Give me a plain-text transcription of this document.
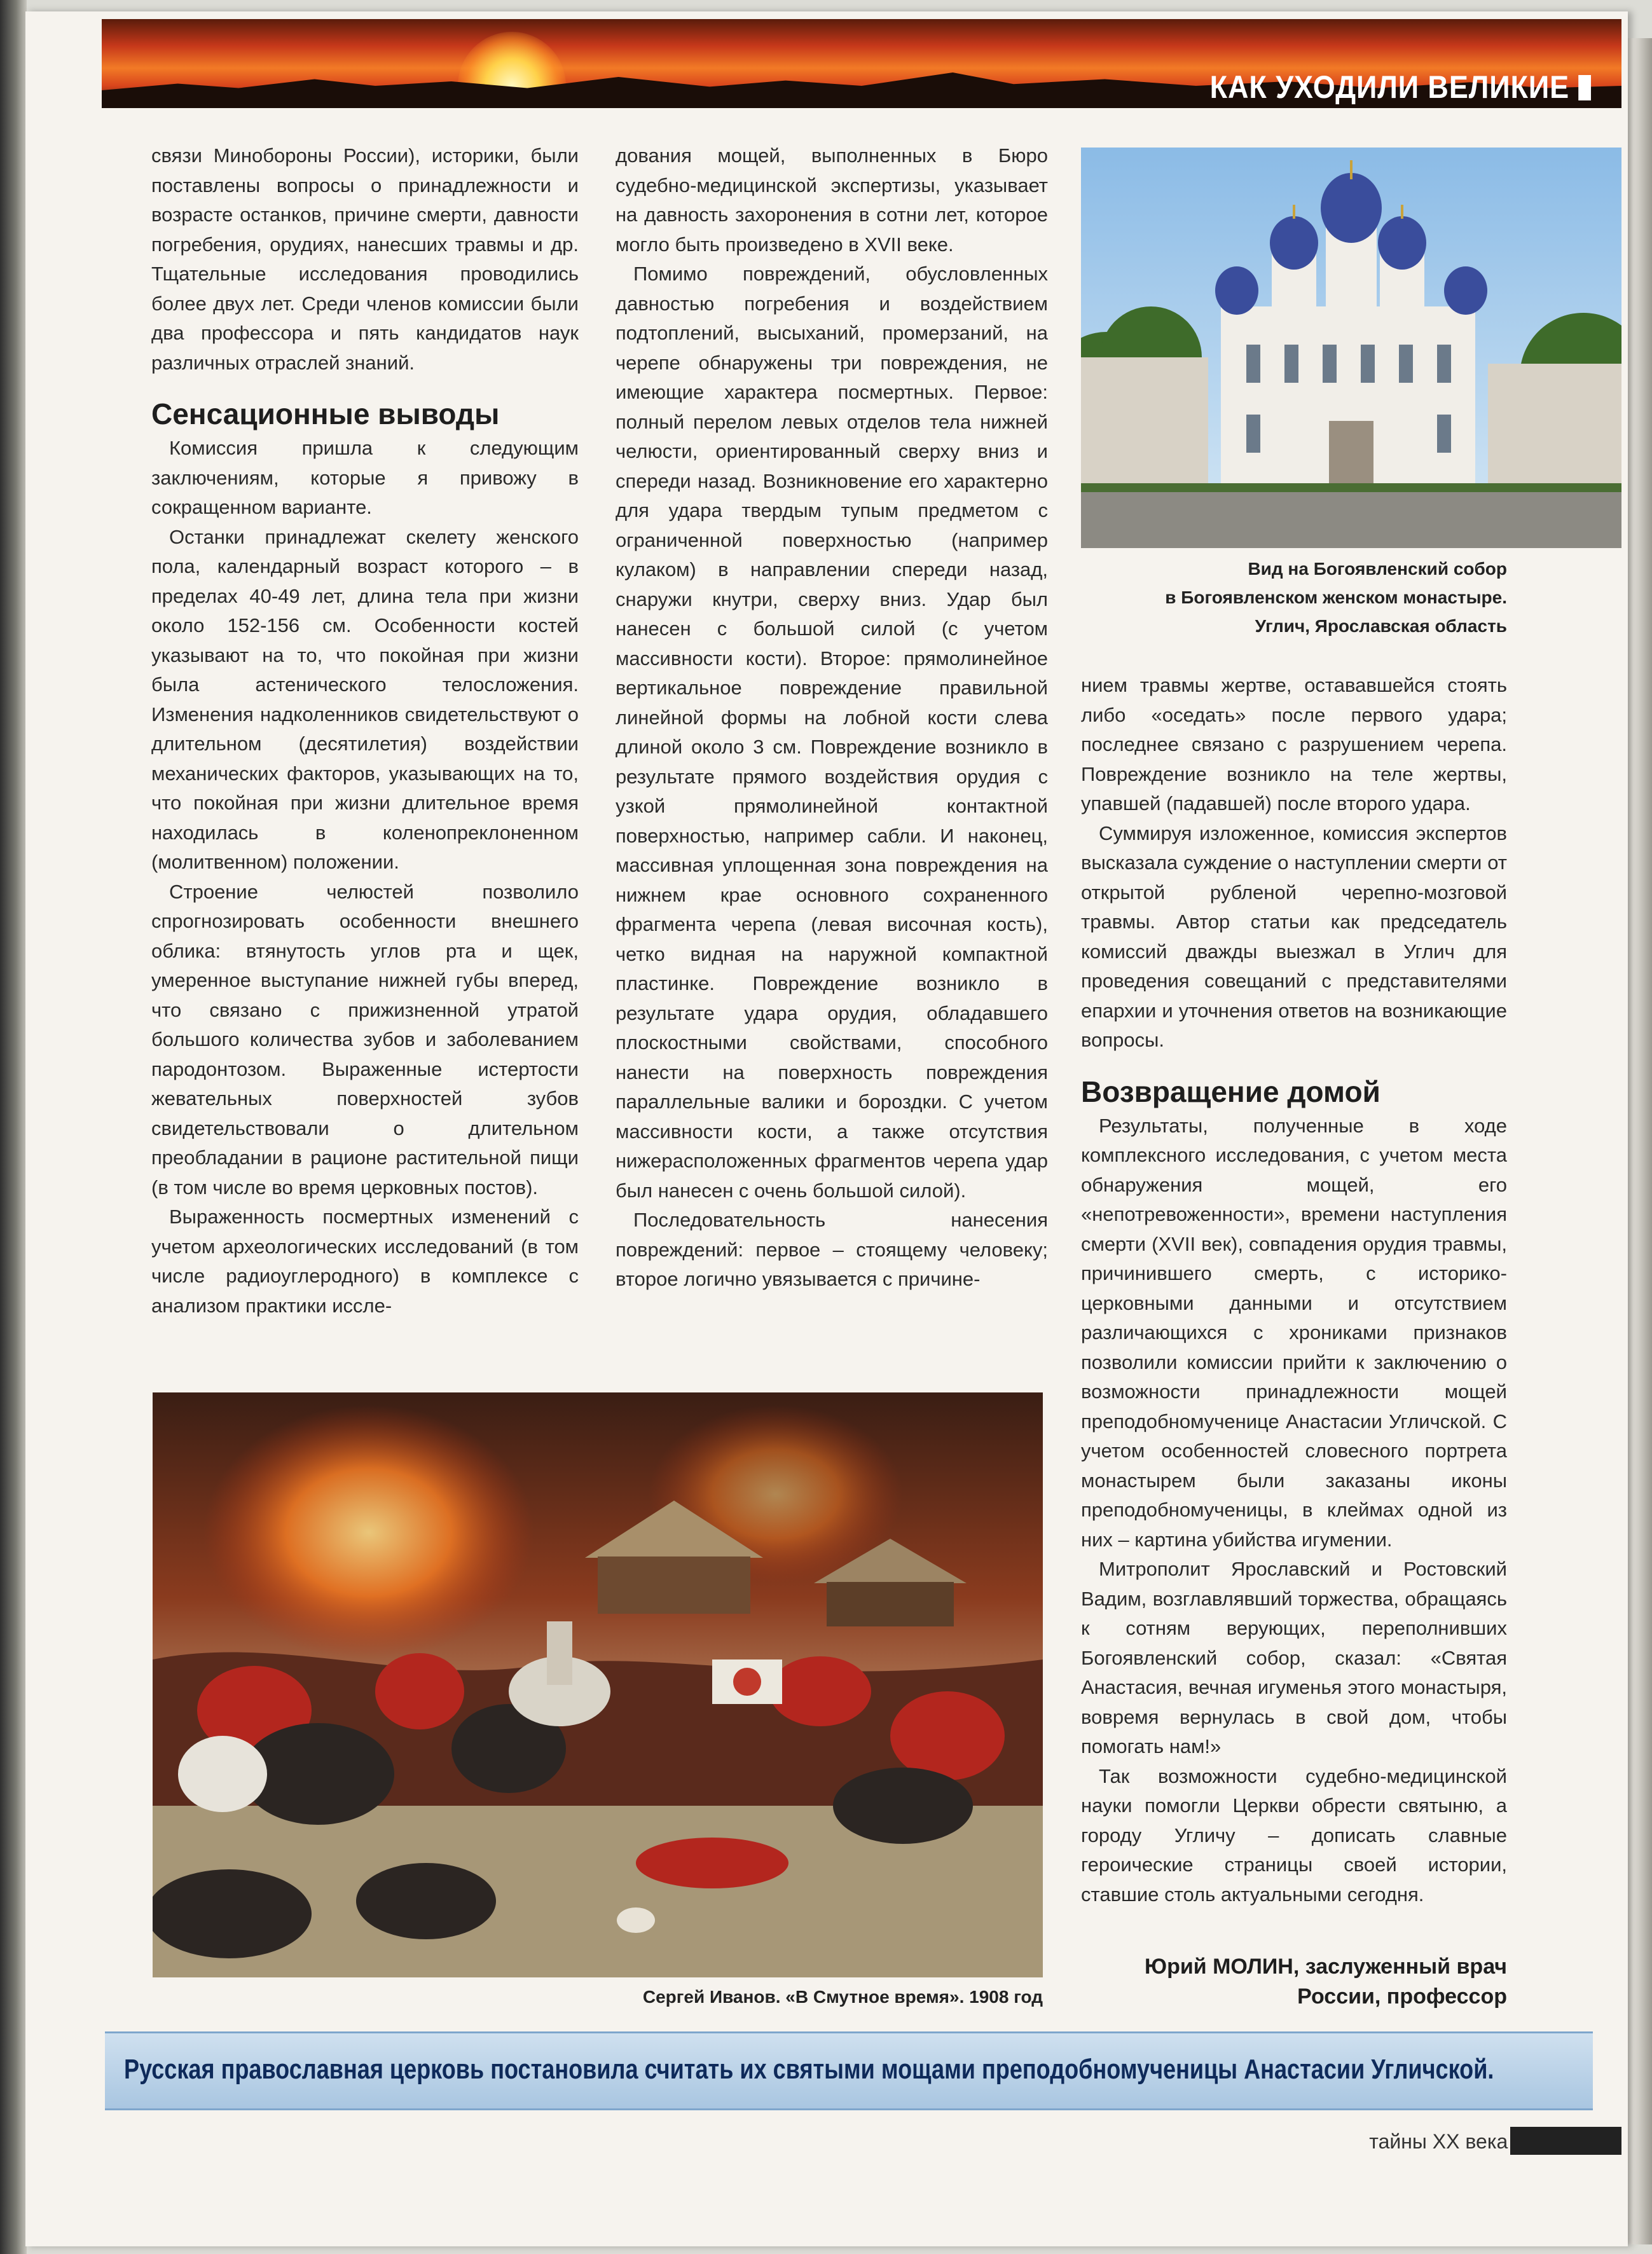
КАК УХОДИЛИ ВЕЛИКИЕ

связи Минобороны России), историки, были поставлены вопросы о принадлежности и возрасте останков, причине смерти, давности погребения, орудиях, нанесших травмы и др. Тщательные исследования проводились более двух лет. Среди членов комиссии были два профессора и пять кандидатов наук различных отраслей знаний.

Сенсационные выводы

Комиссия пришла к следующим заключениям, которые я привожу в сокращенном варианте.

Останки принадлежат скелету женского пола, календарный возраст которого – в пределах 40-49 лет, длина тела при жизни около 152-156 см. Особенности костей указывают на то, что покойная при жизни была астенического телосложения. Изменения надколенников свидетельствуют о длительном (десятилетия) воздействии механических факторов, указывающих на то, что покойная при жизни длительное время находилась в коленопреклоненном (молитвенном) положении.

Строение челюстей позволило спрогнозировать особенности внешнего облика: втянутость углов рта и щек, умеренное выступание нижней губы вперед, что связано с прижизненной утратой большого количества зубов и заболеванием пародонтозом. Выраженные истертости жевательных поверхностей зубов свидетельствовали о длительном преобладании в рационе растительной пищи (в том числе во время церковных постов).

Выраженность посмертных изменений с учетом археологических исследований (в том числе радиоуглеродного) в комплексе с анализом практики иссле-

дования мощей, выполненных в Бюро судебно-медицинской экспертизы, указывает на давность захоронения в сотни лет, которое могло быть произведено в XVII веке.

Помимо повреждений, обусловленных давностью погребения и воздействием подтоплений, высыханий, промерзаний, на черепе обнаружены три повреждения, не имеющие характера посмертных. Первое: полный перелом левых отделов тела нижней челюсти, ориентированный сверху вниз и спереди назад. Возникновение его характерно для удара твердым тупым предметом с ограниченной поверхностью (например кулаком) в направлении спереди назад, снаружи кнутри, сверху вниз. Удар был нанесен с большой силой (с учетом массивности кости). Второе: прямолинейное вертикальное повреждение правильной линейной формы на лобной кости слева длиной около 3 см. Повреждение возникло в результате прямого воздействия орудия с узкой прямолинейной контактной поверхностью, например сабли. И наконец, массивная уплощенная зона повреждения на нижнем крае основного сохраненного фрагмента черепа (левая височная кость), четко видная на наружной компактной пластинке. Повреждение возникло в результате удара орудия, обладавшего плоскостными свойствами, способного нанести на поверхность повреждения параллельные валики и бороздки. С учетом массивности кости, а также отсутствия нижерасположенных фрагментов черепа удар был нанесен с очень большой силой).

Последовательность нанесения повреждений: первое – стоящему человеку; второе логично увязывается с причине-

Вид на Богоявленский собор
в Богоявленском женском монастыре.
Углич, Ярославская область

нием травмы жертве, остававшейся стоять либо «оседать» после первого удара; последнее связано с разрушением черепа. Повреждение возникло на теле жертвы, упавшей (падавшей) после второго удара.

Суммируя изложенное, комиссия экспертов высказала суждение о наступлении смерти от открытой рубленой черепно-мозговой травмы. Автор статьи как председатель комиссий дважды выезжал в Углич для проведения совещаний с представителями епархии и уточнения ответов на возникающие вопросы.

Возвращение домой

Результаты, полученные в ходе комплексного исследования, с учетом места обнаружения мощей, его «непотревоженности», времени наступления смерти (XVII век), совпадения орудия травмы, причинившего смерть, с историко-церковными данными и отсутствием различающихся с хрониками признаков позволили комиссии прийти к заключению о возможности принадлежности мощей преподобномученице Анастасии Угличской. С учетом особенностей словесного портрета монастырем были заказаны иконы преподобномученицы, в клеймах одной из них – картина убийства игумении.

Митрополит Ярославский и Ростовский Вадим, возглавлявший торжества, обращаясь к сотням верующих, переполнивших Богоявленский собор, сказал: «Святая Анастасия, вечная игуменья этого монастыря, вовремя вернулась в свой дом, чтобы помогать нам!»

Так возможности судебно-медицинской науки помогли Церкви обрести святыню, а городу Угличу – дописать славные героические страницы своей истории, ставшие столь актуальными сегодня.

Юрий МОЛИН, заслуженный врач
России, профессор
Сергей Иванов. «В Смутное время». 1908 год
Русская православная церковь постановила считать их святыми мощами преподобномученицы Анастасии Угличской.
тайны XX века
